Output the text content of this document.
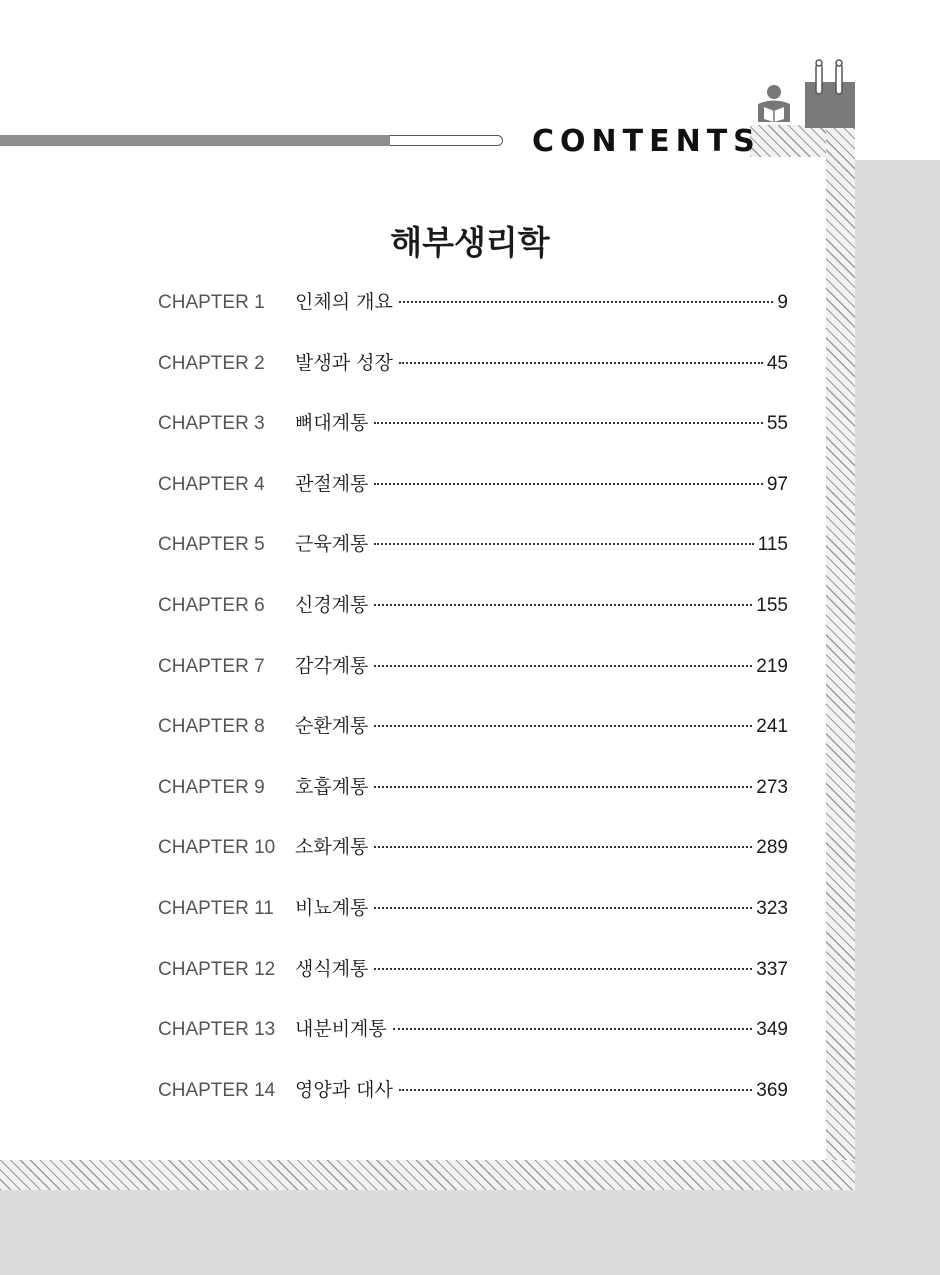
CONTENTS
해부생리학
CHAPTER 1	인체의 개요	9
CHAPTER 2	발생과 성장	45
CHAPTER 3	뼈대계통	55
CHAPTER 4	관절계통	97
CHAPTER 5	근육계통	115
CHAPTER 6	신경계통	155
CHAPTER 7	감각계통	219
CHAPTER 8	순환계통	241
CHAPTER 9	호흡계통	273
CHAPTER 10	소화계통	289
CHAPTER 11	비뇨계통	323
CHAPTER 12	생식계통	337
CHAPTER 13	내분비계통	349
CHAPTER 14	영양과 대사	369
